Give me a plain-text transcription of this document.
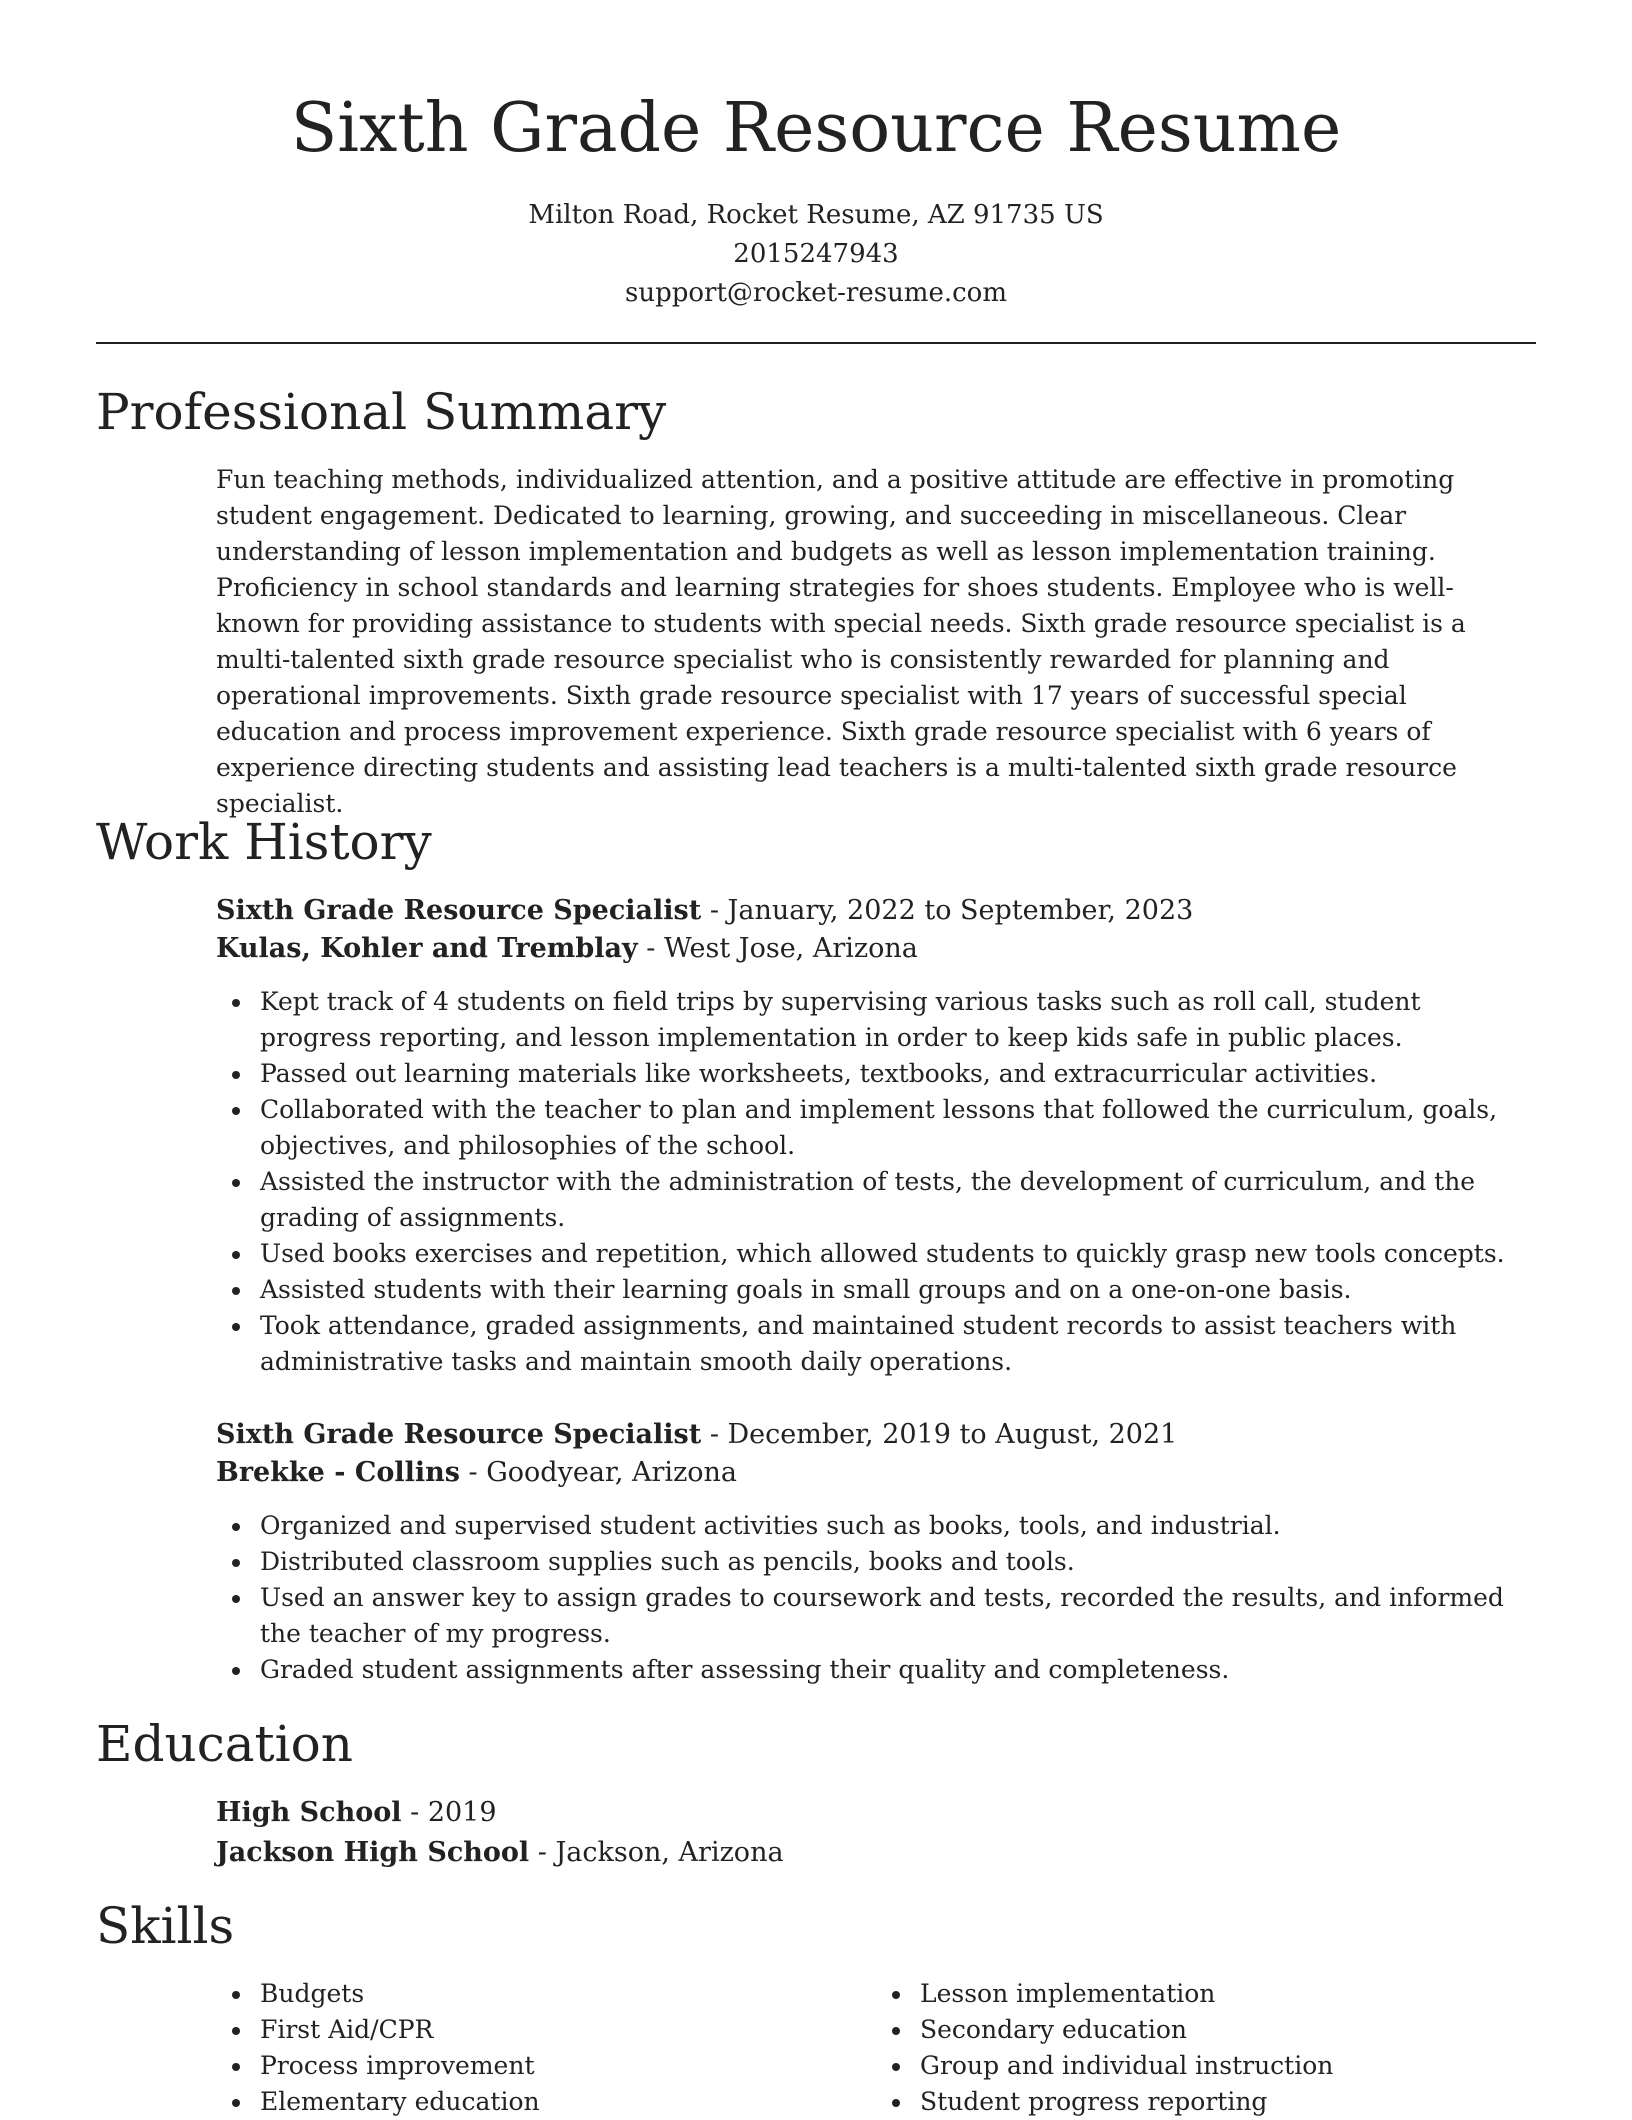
Sixth Grade Resource Resume
Milton Road, Rocket Resume, AZ 91735 US
2015247943
support@rocket-resume.com
Professional Summary

Fun teaching methods, individualized attention, and a positive attitude are effective in promoting student engagement. Dedicated to learning, growing, and succeeding in miscellaneous. Clear understanding of lesson implementation and budgets as well as lesson implementation training. Proficiency in school standards and learning strategies for shoes students. Employee who is well-known for providing assistance to students with special needs. Sixth grade resource specialist is a multi-talented sixth grade resource specialist who is consistently rewarded for planning and operational improvements. Sixth grade resource specialist with 17 years of successful special education and process improvement experience. Sixth grade resource specialist with 6 years of experience directing students and assisting lead teachers is a multi-talented sixth grade resource specialist.

Work History
Sixth Grade Resource Specialist - January, 2022 to September, 2023
Kulas, Kohler and Tremblay - West Jose, Arizona
Kept track of 4 students on field trips by supervising various tasks such as roll call, student progress reporting, and lesson implementation in order to keep kids safe in public places.
Passed out learning materials like worksheets, textbooks, and extracurricular activities.
Collaborated with the teacher to plan and implement lessons that followed the curriculum, goals, objectives, and philosophies of the school.
Assisted the instructor with the administration of tests, the development of curriculum, and the grading of assignments.
Used books exercises and repetition, which allowed students to quickly grasp new tools concepts.
Assisted students with their learning goals in small groups and on a one-on-one basis.
Took attendance, graded assignments, and maintained student records to assist teachers with administrative tasks and maintain smooth daily operations.
Sixth Grade Resource Specialist - December, 2019 to August, 2021
Brekke - Collins - Goodyear, Arizona
Organized and supervised student activities such as books, tools, and industrial.
Distributed classroom supplies such as pencils, books and tools.
Used an answer key to assign grades to coursework and tests, recorded the results, and informed the teacher of my progress.
Graded student assignments after assessing their quality and completeness.
Education
High School - 2019
Jackson High School - Jackson, Arizona
Skills
Budgets
First Aid/CPR
Process improvement
Elementary education
Lesson implementation
Secondary education
Group and individual instruction
Student progress reporting
